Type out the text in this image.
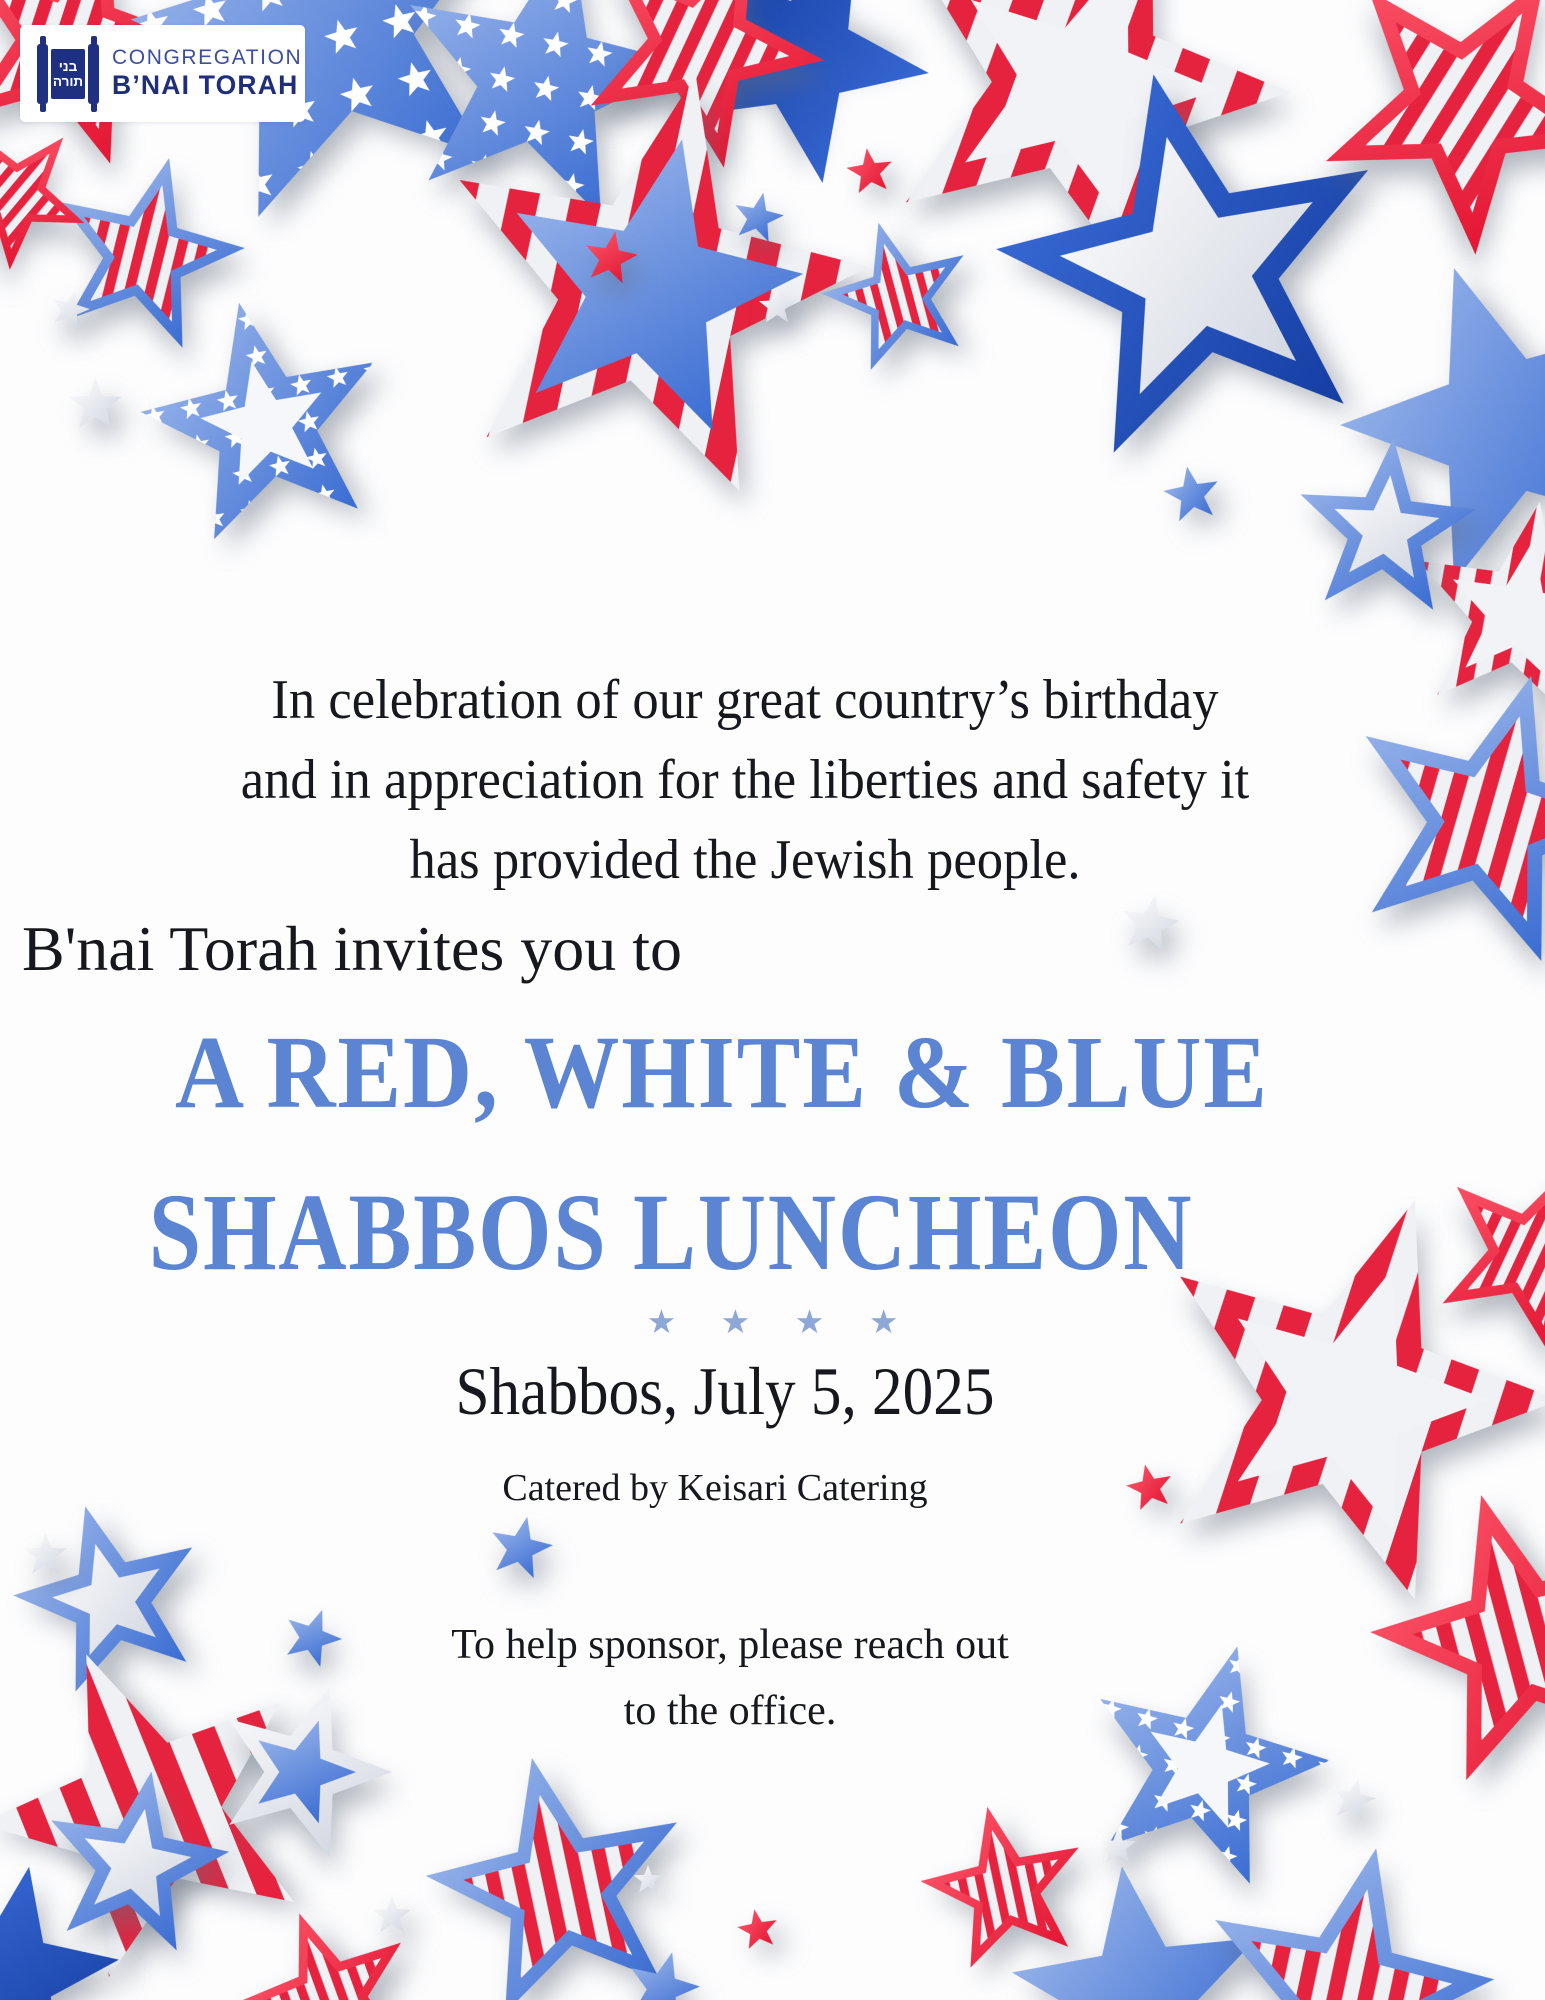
בני
תורה
CONGREGATION
B’NAI TORAH
In celebration of our great country’s birthday
and in appreciation for the liberties and safety it
has provided the Jewish people.
B'nai Torah invites you to
A RED, WHITE & BLUE
SHABBOS LUNCHEON
★ ★ ★ ★
Shabbos, July 5, 2025
Catered by Keisari Catering
To help sponsor, please reach out
to the office.
